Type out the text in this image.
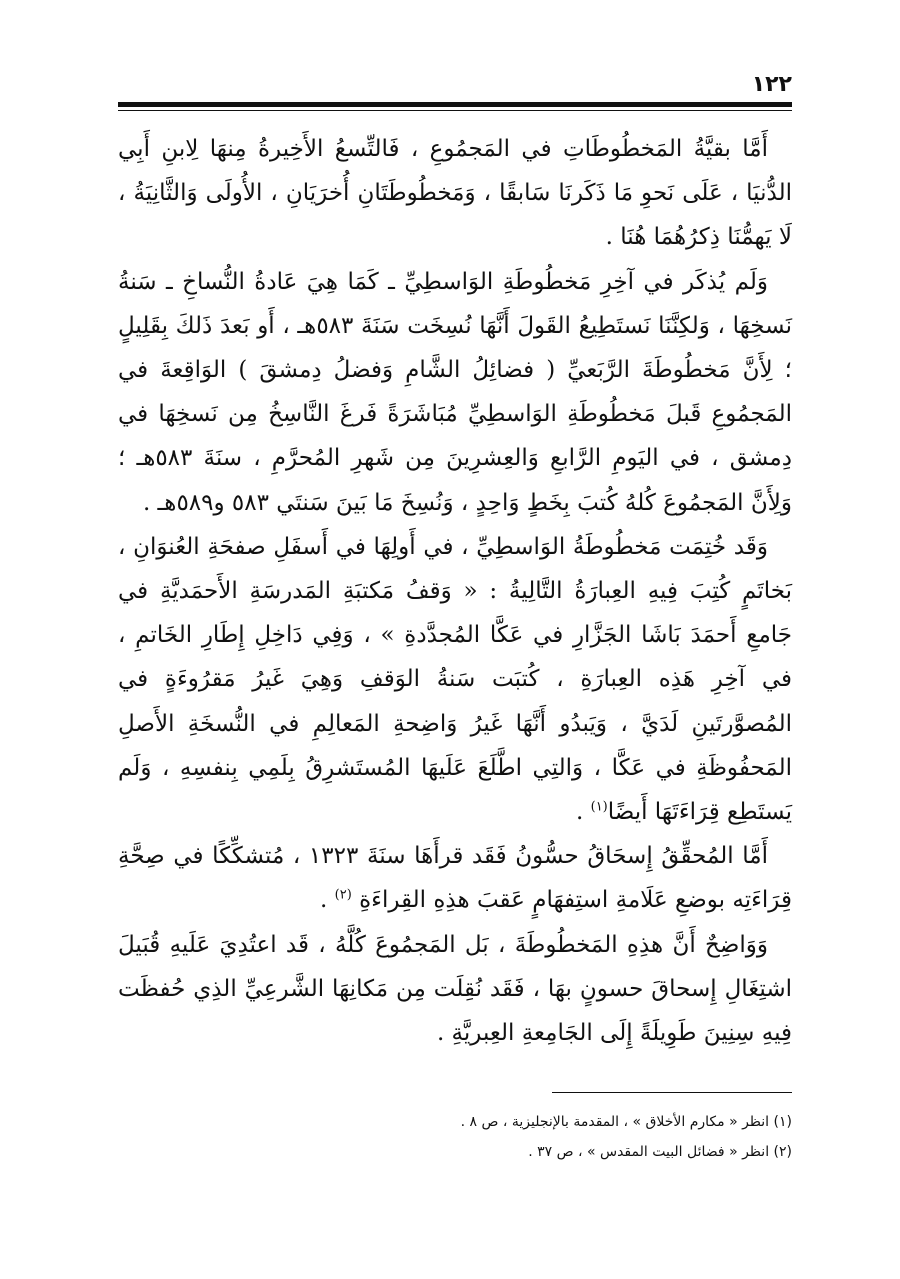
١٢٢

أَمَّا بقيَّةُ المَخطُوطَاتِ في المَجمُوعِ ، فَالتِّسعُ الأَخِيرةُ مِنهَا لِابنِ أَبِي الدُّنيَا ، عَلَى نَحوِ مَا ذَكَرنَا سَابقًا ، وَمَخطُوطَتَانِ أُخرَيَانِ ، الأُولَى وَالثَّانِيَةُ ، لَا يَهمُّنَا ذِكرُهُمَا هُنَا .

وَلَم يُذكَر في آخِرِ مَخطُوطَةِ الوَاسطِيِّ ـ كَمَا هِيَ عَادةُ النُّساخِ ـ سَنةُ نَسخِهَا ، وَلكِنَّنَا نَستَطِيعُ القَولَ أَنَّهَا نُسِخَت سَنَةَ ٥٨٣هـ ، أَو بَعدَ ذَلكَ بِقَلِيلٍ ؛ لِأَنَّ مَخطُوطَةَ الرَّبَعيِّ ( فضائِلُ الشَّامِ وَفضلُ دِمشقَ ) الوَاقِعةَ في المَجمُوعِ قَبلَ مَخطُوطَةِ الوَاسطِيِّ مُبَاشَرَةً فَرغَ النَّاسِخُ مِن نَسخِهَا في دِمشق ، في اليَومِ الرَّابعِ وَالعِشرِينَ مِن شَهرِ المُحرَّمِ ، سنَةَ ٥٨٣هـ ؛ وَلِأَنَّ المَجمُوعَ كُلهُ كُتبَ بِخَطٍ وَاحِدٍ ، وَنُسِخَ مَا بَينَ سَنتَي ٥٨٣ و٥٨٩هـ .

وَقَد خُتِمَت مَخطُوطَةُ الوَاسطِيِّ ، في أَولِهَا في أَسفَلِ صفحَةِ العُنوَانِ ، بَخاتَمٍ كُتِبَ فِيهِ العِبارَةُ التَّالِيةُ : « وَقفُ مَكتبَةِ المَدرسَةِ الأَحمَديَّةِ في جَامعِ أَحمَدَ بَاشَا الجَزَّارِ في عَكَّا المُجدَّدةِ » ، وَفِي دَاخِلِ إِطَارِ الخَاتمِ ، في آخِرِ هَذِه العِبارَةِ ، كُتبَت سَنةُ الوَقفِ وَهِيَ غَيرُ مَقرُوءَةٍ في المُصوَّرتَينِ لَدَيَّ ، وَيَبدُو أَنَّهَا غَيرُ وَاضِحةِ المَعالِمِ في النُّسخَةِ الأَصلِ المَحفُوظَةِ في عَكَّا ، وَالتِي اطَّلَعَ عَلَيهَا المُستَشرِقُ بِلَمِي بِنفسِهِ ، وَلَم يَستَطِع قِرَاءَتَهَا أَيضًا$^{(١)}$ .

أَمَّا المُحقِّقُ إِسحَاقُ حسُّونُ فَقَد قرأَهَا سنَةَ ١٣٢٣ ، مُتشكِّكًا في صِحَّةِ قِرَاءَتِه بوضعِ عَلَامةِ استِفهَامٍ عَقبَ هذِهِ القِراءَةِ $^{(٢)}$ .

وَوَاضِحٌ أَنَّ هذِهِ المَخطُوطَةَ ، بَل المَجمُوعَ كُلَّهُ ، قَد اعتُدِيَ عَلَيهِ قُبَيلَ اشتِغَالِ إِسحاقَ حسونٍ بهَا ، فَقَد نُقِلَت مِن مَكانِهَا الشَّرعِيِّ الذِي حُفظَت فِيهِ سِنِينَ طَوِيلَةً إِلَى الجَامِعةِ العِبريَّةِ .

(١) انظر « مكارم الأخلاق » ، المقدمة بالإنجليزية ، ص ٨ .
(٢) انظر « فضائل البيت المقدس » ، ص ٣٧ .
